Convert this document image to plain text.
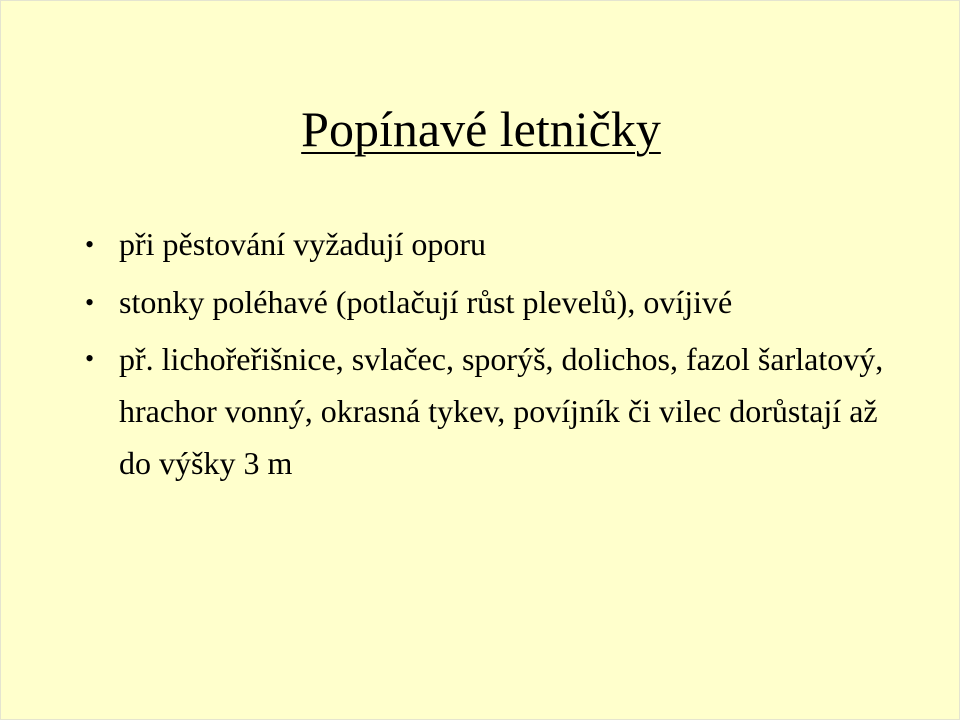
Popínavé letničky
• při pěstování vyžadují oporu
• stonky poléhavé (potlačují růst plevelů), ovíjivé
• př. lichořeřišnice, svlačec, sporýš, dolichos, fazol šarlatový, hrachor vonný, okrasná tykev, povíjník či vilec dorůstají až do výšky 3 m
